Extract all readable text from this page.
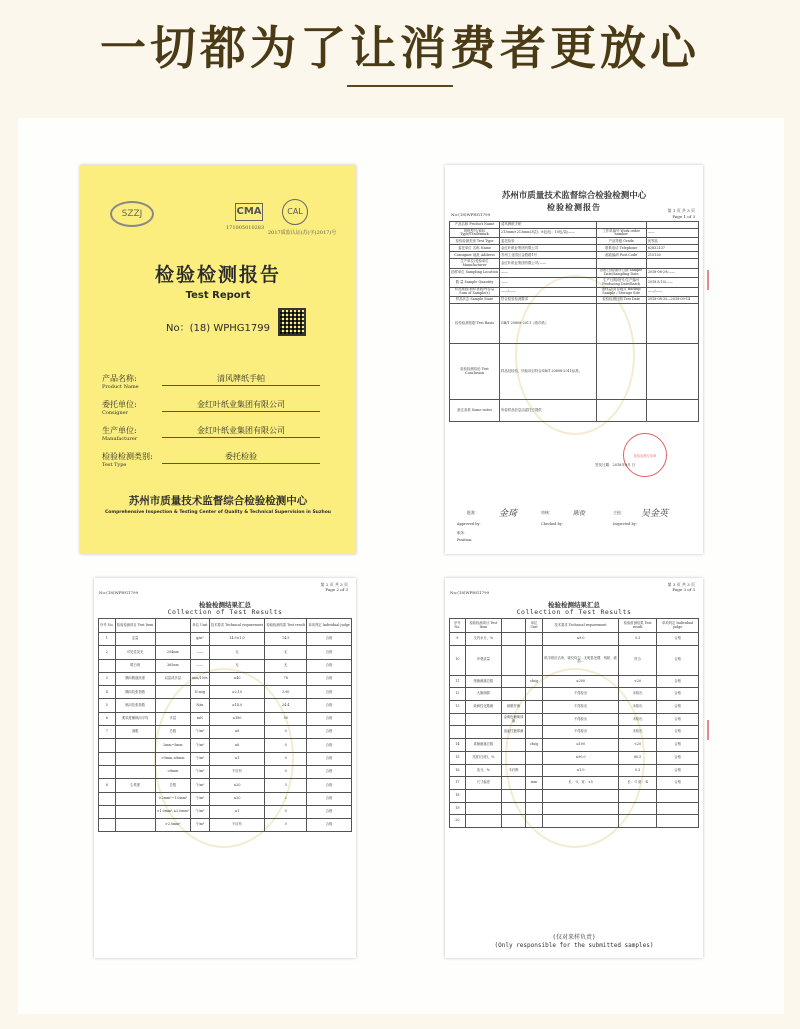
一切都为了让消费者更放心
SZZJ	CMA	CAL
171005010283
2017质监认证(苏)字(2017)号
检验检测报告
Test Report
No：(18) WPHG1799
产品名称:
Product Name
清风牌纸手帕
委托单位:
Consigner
金红叶纸业集团有限公司
生产单位:
Manufacturer
金红叶纸业集团有限公司
检验检测类别:
Test Type
委托检验
苏州市质量技术监督综合检验检测中心
Comprehensive Inspection & Testing Center of Quality & Technical Supervision in Suzhou
苏州市质量技术监督综合检验检测中心
检验检测报告
No:(18)WPHG1799
第 1 页 共 3 页
Page 1 of 3
产品名称 Product Name	清风牌纸手帕		
规格型号/商标 Type/Trademark	213mm×213mm(3层)；8包/包；10包/袋/——	工作单编号 Work order number	——
检验检测类别 Test Type	委托检验	产品等级 Grade	优等品
委托单位 名称 Name	金红叶纸业集团有限公司	联系电话 Telephone	62832137
Consigner 地址 Address	苏州工业园区金胜路1号	邮政编码 Post Code	215126
生产单位/受检单位 Manufacturer	金红叶纸业集团有限公司/——		
抽样单位 Sampling Location	——	抽样日期/抽样日期 Sample Date/Sampling Date	2018-08-29/——
数 量 Sample Quantity	——	生产日期/批号/生产编号 Producing Date/Batch	2018.8.15/——
样品基数/抽样基数/库存量 Sum of Sample(s)	——/——	备样量/封存地点 Backup Sample / Storage Site	——/——
样品状态 Sample State	符合检验检测要求	检验检测日期 Test Date	2018-08-30—2018-09-14
检验检测依据 Test Basis	GB/T 20808-2011《纸巾纸》		
检验检测结论 Test Conclusion	样品经检验，所检项目符合GB/T 20808-2011标准。		
备注条款 Some notes	所检样品信息由委托方提供		
检验检测专用章
签发日期：2018年9月 日
批准： 金琦	审核：	陈俊	主检： 吴金英
Approved by:	Checked by:	Inspected by:
职务：
Position:
第 2 页 共 3 页
Page 2 of 3
No:(18)WPHG1799
检验检测结果汇总
Collection of Test Results
序号 No.	检验检测项目 Test Item		单位 Unit	技术要求 Technical requirement	检验检测结果 Test result	单项判定 Individual judge
1	定量		g/m²	14.5±1.0	14.5	合格
2	可见性荧光	254nm	——	无	无	合格
	增白剂	365nm	——	无	无	合格
3	横向吸液高度	双层或多层	mm/100s	≥40	78	合格
4	横向抗张指数		N·m/g	≥2.10	3.90	合格
5	纵向抗张指数		N/m	≥14.0	24.4	合格
6	柔软度横纵向平均	多层	mN	≤180	95	合格
7	洞眼	总数	个/m²	≤6	0	合格
		2mm~5mm	个/m²	≤6	0	合格
		>5mm,≤8mm	个/m²	≤1	0	合格
		>8mm	个/m²	不应有	0	合格
8	尘埃度	总数	个/m²	≤20	3	合格
		0.2mm²~1.0mm²	个/m²	≤20	2	合格
		>1.0mm²,≤2.0mm²	个/m²	≤1	0	合格
		>2.0mm²	个/m²	不应有	0	合格
第 3 页 共 3 页
Page 3 of 3
No:(18)WPHG1799
检验检测结果汇总
Collection of Test Results
序号 No.	检验检测项目 Test Item		单位 Unit	技术要求 Technical requirement	检验检测结果 Test result	单项判定 Individual judge
9	交货水分，%			≤9.0	5.3	合格
10	外观质量			纸巾纸应洁净，皱纹均匀…无明显死褶、残缺、破损…	符合	合格
11	细菌菌落总数		cfu/g	≤200	<20	合格
12	大肠菌群			不得检出	未检出	合格
13	致病性化脓菌	绿脓杆菌		不得检出	未检出	合格
		金黄色葡萄球菌		不得检出	未检出	合格
		溶血性链球菌		不得检出	未检出	合格
14	真菌菌落总数		cfu/g	≤100	<20	合格
15	亮度(白度)，%			≤90.0	80.5	合格
16	灰分，%	木纤维		≤1.0	0.3	合格
17	尺寸偏差		mm	长：-5，宽：±5	长：-1 宽：-4	合格
18						
19						
20						
(仅对来样负责)
(Only responsible for the submitted samples)
